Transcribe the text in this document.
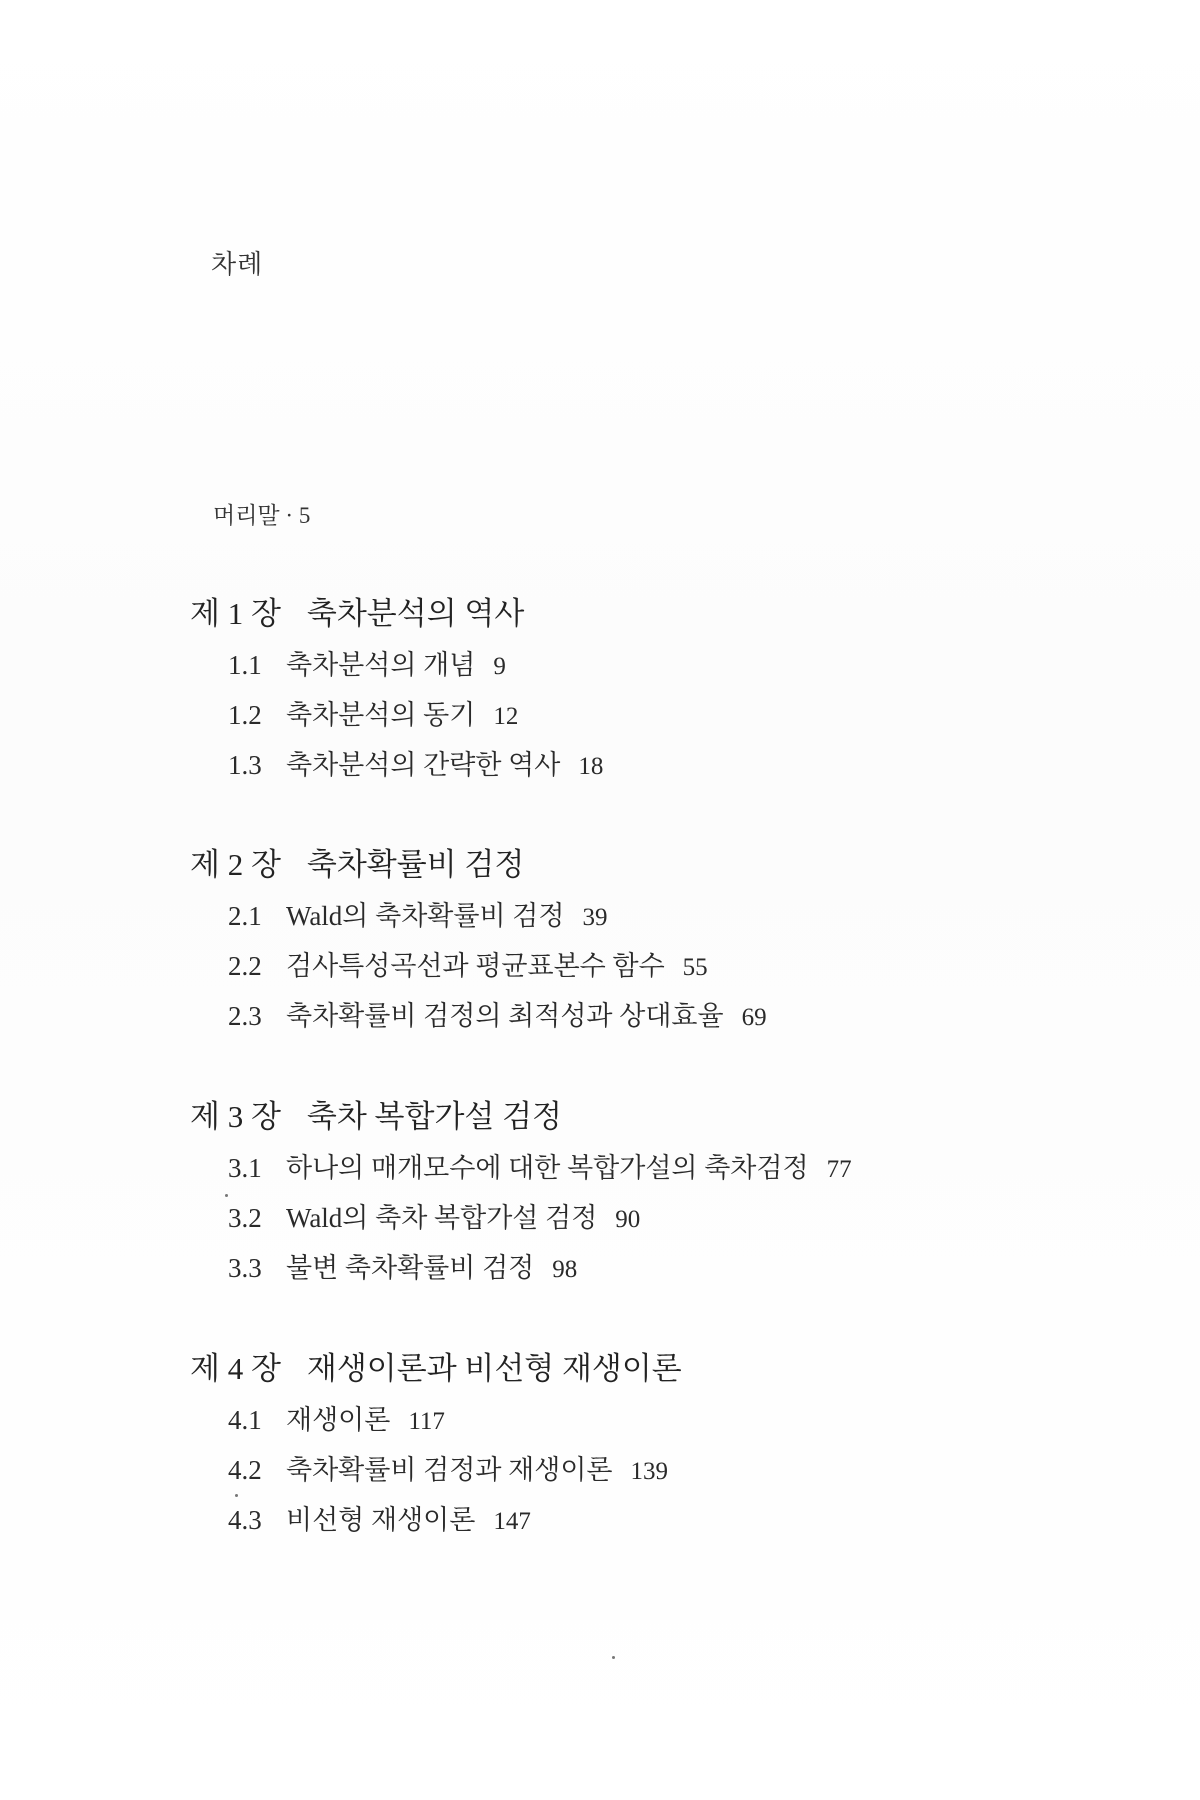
차례
머리말 · 5
제 1 장 축차분석의 역사
1.1 축차분석의 개념 9
1.2 축차분석의 동기 12
1.3 축차분석의 간략한 역사 18
제 2 장 축차확률비 검정
2.1 Wald의 축차확률비 검정 39
2.2 검사특성곡선과 평균표본수 함수 55
2.3 축차확률비 검정의 최적성과 상대효율 69
제 3 장 축차 복합가설 검정
3.1 하나의 매개모수에 대한 복합가설의 축차검정 77
3.2 Wald의 축차 복합가설 검정 90
3.3 불변 축차확률비 검정 98
제 4 장 재생이론과 비선형 재생이론
4.1 재생이론 117
4.2 축차확률비 검정과 재생이론 139
4.3 비선형 재생이론 147
